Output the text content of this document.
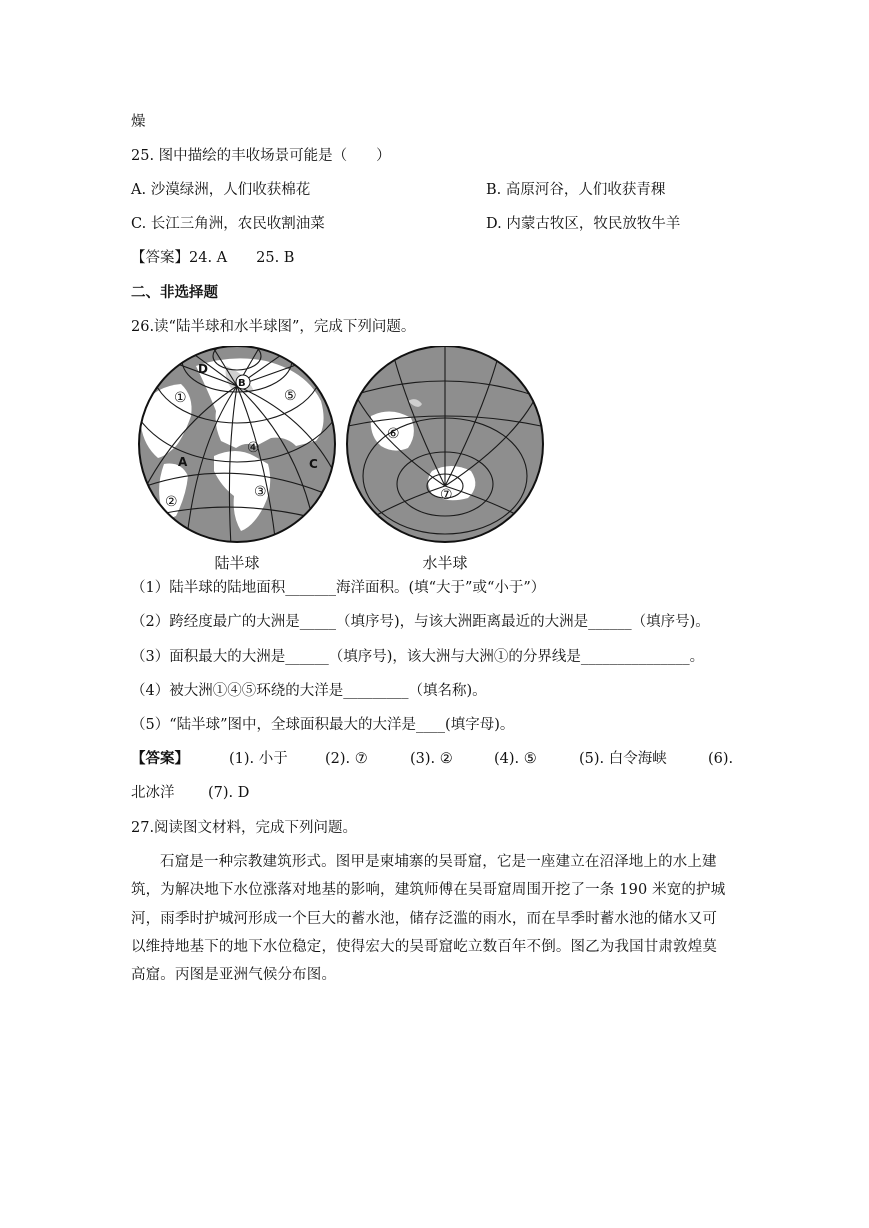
燥
25. 图中描绘的丰收场景可能是（　　）
A. 沙漠绿洲，人们收获棉花	B. 高原河谷，人们收获青稞
C. 长江三角洲，农民收割油菜	D. 内蒙古牧区，牧民放牧牛羊
【答案】24. A　　25. B
二、非选择题
26.读“陆半球和水半球图”，完成下列问题。
D
B
①	⑤
④
A	C
③
②
⑥
⑦
陆半球	水半球
（1）陆半球的陆地面积_______海洋面积。(填“大于”或“小于”）
（2）跨经度最广的大洲是_____（填序号)，与该大洲距离最近的大洲是______（填序号)。
（3）面积最大的大洲是______（填序号)，该大洲与大洲①的分界线是_______________。
（4）被大洲①④⑤环绕的大洋是_________（填名称)。
（5）“陆半球”图中，全球面积最大的大洋是____(填字母)。
【答案】	(1). 小于	(2). ⑦	(3). ②	(4). ⑤	(5). 白令海峡	(6).
北冰洋 (7). D
27.阅读图文材料，完成下列问题。
石窟是一种宗教建筑形式。图甲是柬埔寨的吴哥窟，它是一座建立在沼泽地上的水上建
筑，为解决地下水位涨落对地基的影响，建筑师傅在吴哥窟周围开挖了一条 190 米宽的护城
河，雨季时护城河形成一个巨大的蓄水池，储存泛滥的雨水，而在旱季时蓄水池的储水又可
以维持地基下的地下水位稳定，使得宏大的吴哥窟屹立数百年不倒。图乙为我国甘肃敦煌莫
高窟。丙图是亚洲气候分布图。
